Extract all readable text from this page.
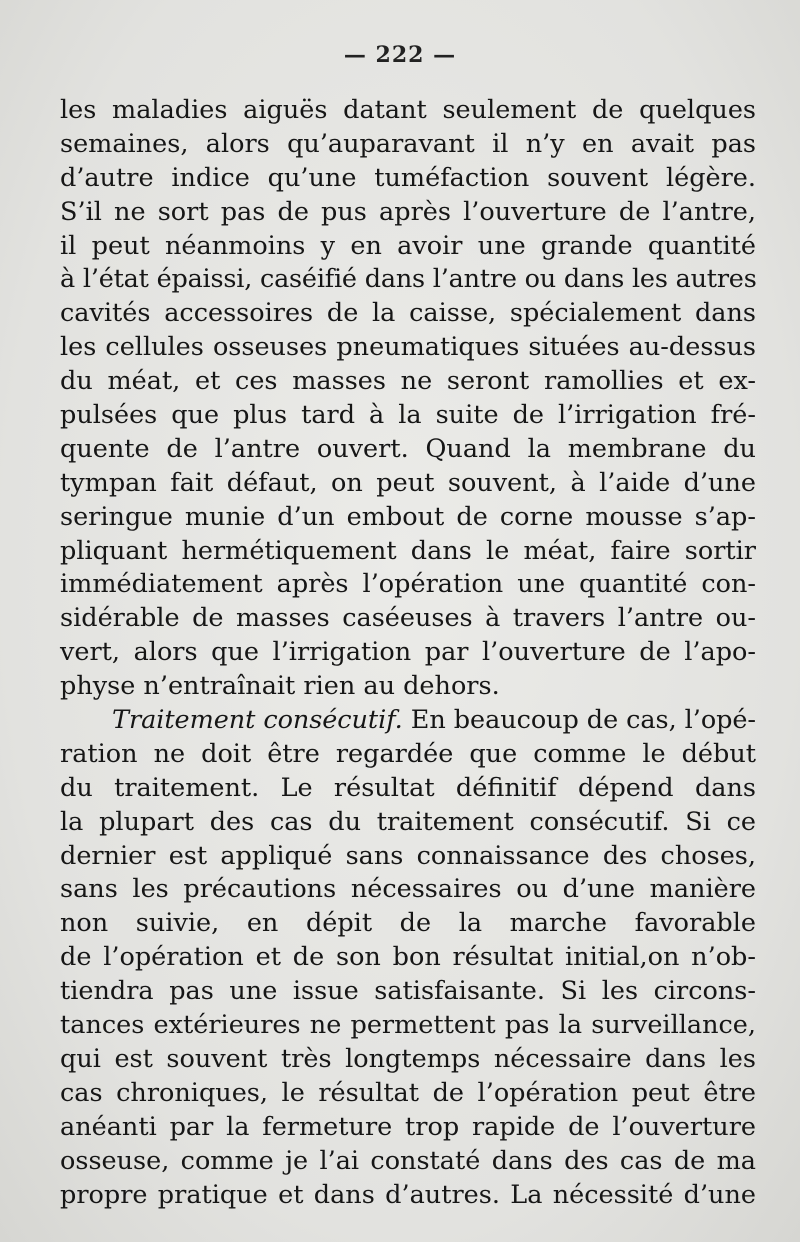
— 222 —
les maladies aiguës datant seulement de quelques
semaines, alors qu’auparavant il n’y en avait pas
d’autre indice qu’une tuméfaction souvent légère.
S’il ne sort pas de pus après l’ouverture de l’antre,
il peut néanmoins y en avoir une grande quantité
à l’état épaissi, caséifié dans l’antre ou dans les autres
cavités accessoires de la caisse, spécialement dans
les cellules osseuses pneumatiques situées au-dessus
du méat, et ces masses ne seront ramollies et ex-
pulsées que plus tard à la suite de l’irrigation fré-
quente de l’antre ouvert. Quand la membrane du
tympan fait défaut, on peut souvent, à l’aide d’une
seringue munie d’un embout de corne mousse s’ap-
pliquant hermétiquement dans le méat, faire sortir
immédiatement après l’opération une quantité con-
sidérable de masses caséeuses à travers l’antre ou-
vert, alors que l’irrigation par l’ouverture de l’apo-
physe n’entraînait rien au dehors.
Traitement consécutif. En beaucoup de cas, l’opé-
ration ne doit être regardée que comme le début
du traitement. Le résultat définitif dépend dans
la plupart des cas du traitement consécutif. Si ce
dernier est appliqué sans connaissance des choses,
sans les précautions nécessaires ou d’une manière
non suivie, en dépit de la marche favorable
de l’opération et de son bon résultat initial,on n’ob-
tiendra pas une issue satisfaisante. Si les circons-
tances extérieures ne permettent pas la surveillance,
qui est souvent très longtemps nécessaire dans les
cas chroniques, le résultat de l’opération peut être
anéanti par la fermeture trop rapide de l’ouverture
osseuse, comme je l’ai constaté dans des cas de ma
propre pratique et dans d’autres. La nécessité d’une
